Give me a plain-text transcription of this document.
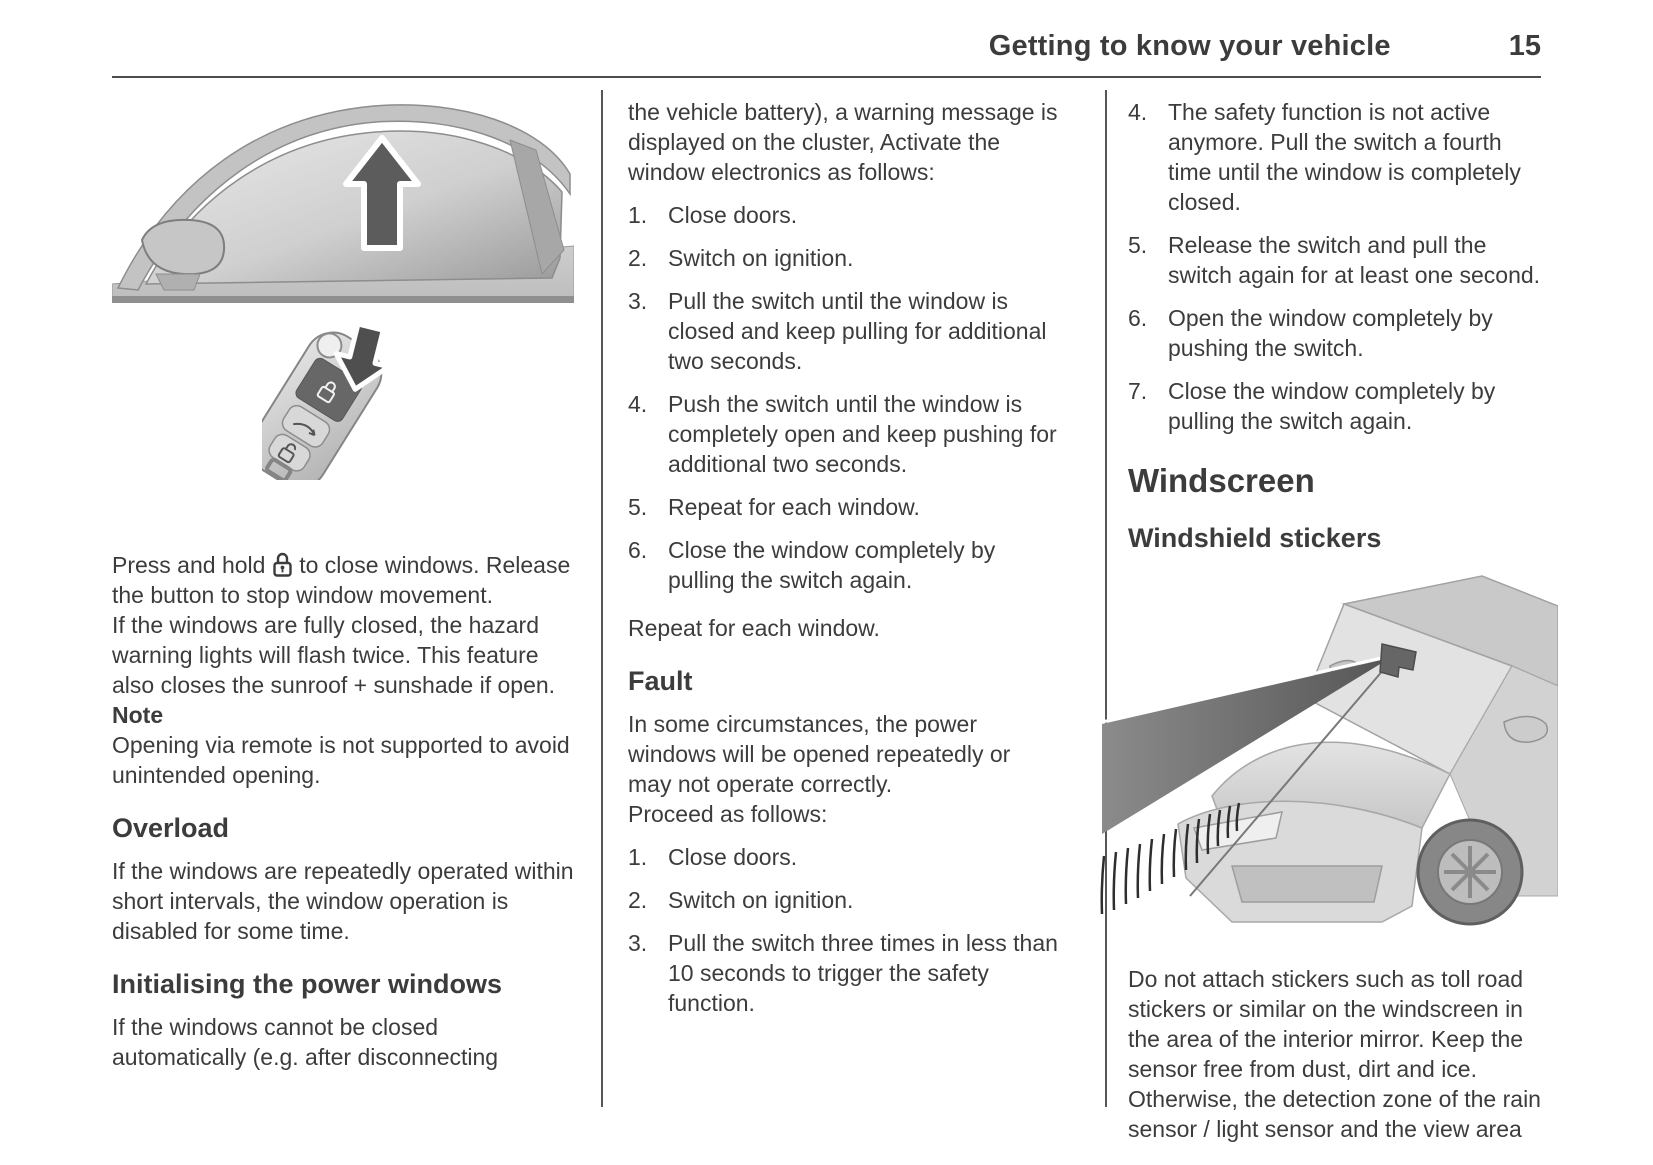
Getting to know your vehicle	15

Press and hold  to close windows. Release the button to stop window movement.

If the windows are fully closed, the hazard warning lights will flash twice. This feature also closes the sunroof + sunshade if open.

Note

Opening via remote is not supported to avoid unintended opening.

Overload

If the windows are repeatedly operated within short intervals, the window operation is disabled for some time.

Initialising the power windows

If the windows cannot be closed automatically (e.g. after disconnecting

the vehicle battery), a warning message is displayed on the cluster, Activate the window electronics as follows:

1. Close doors.
2. Switch on ignition.
3. Pull the switch until the window is closed and keep pulling for additional two seconds.
4. Push the switch until the window is completely open and keep pushing for additional two seconds.
5. Repeat for each window.
6. Close the window completely by pulling the switch again.

Repeat for each window.

Fault

In some circumstances, the power windows will be opened repeatedly or may not operate correctly.

Proceed as follows:

1. Close doors.
2. Switch on ignition.
3. Pull the switch three times in less than 10 seconds to trigger the safety function.
4. The safety function is not active anymore. Pull the switch a fourth time until the window is completely closed.
5. Release the switch and pull the switch again for at least one second.
6. Open the window completely by pushing the switch.
7. Close the window completely by pulling the switch again.
Windscreen
Windshield stickers

Do not attach stickers such as toll road stickers or similar on the windscreen in the area of the interior mirror. Keep the sensor free from dust, dirt and ice. Otherwise, the detection zone of the rain sensor / light sensor and the view area
